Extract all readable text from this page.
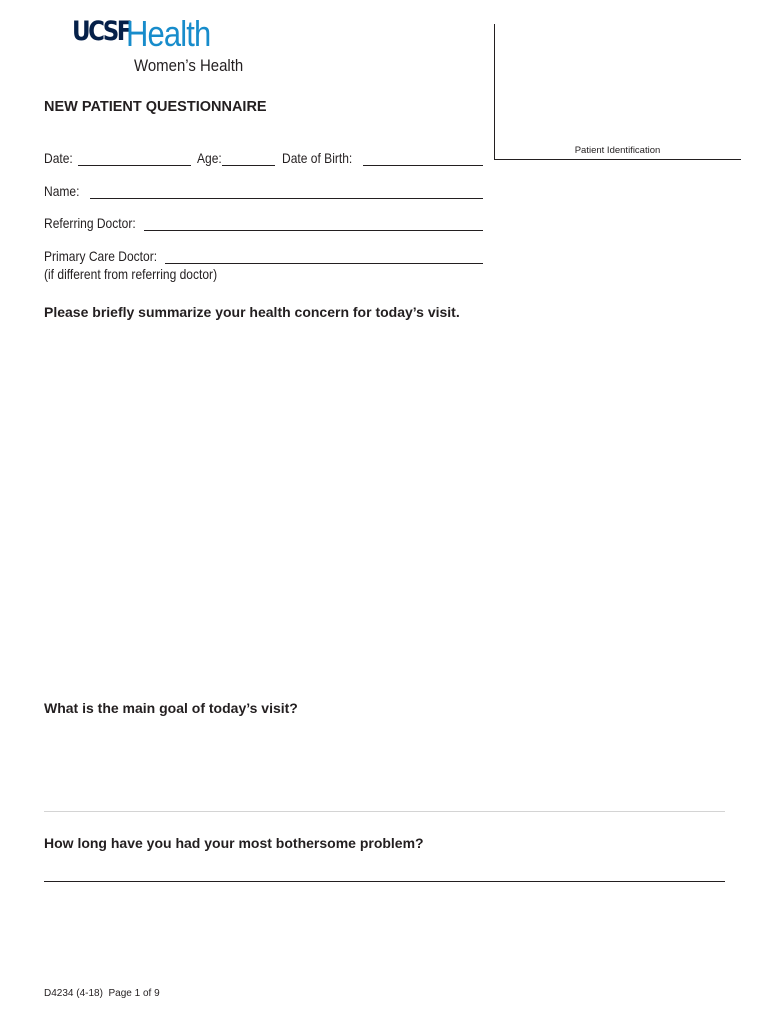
UCSF
Health
Women’s Health
Patient Identification
NEW PATIENT QUESTIONNAIRE
Date:	Age:	Date of Birth:
Name:
Referring Doctor:
Primary Care Doctor:
(if different from referring doctor)
Please briefly summarize your health concern for today’s visit.
What is the main goal of today’s visit?
How long have you had your most bothersome problem?
D4234 (4-18) Page 1 of 9
